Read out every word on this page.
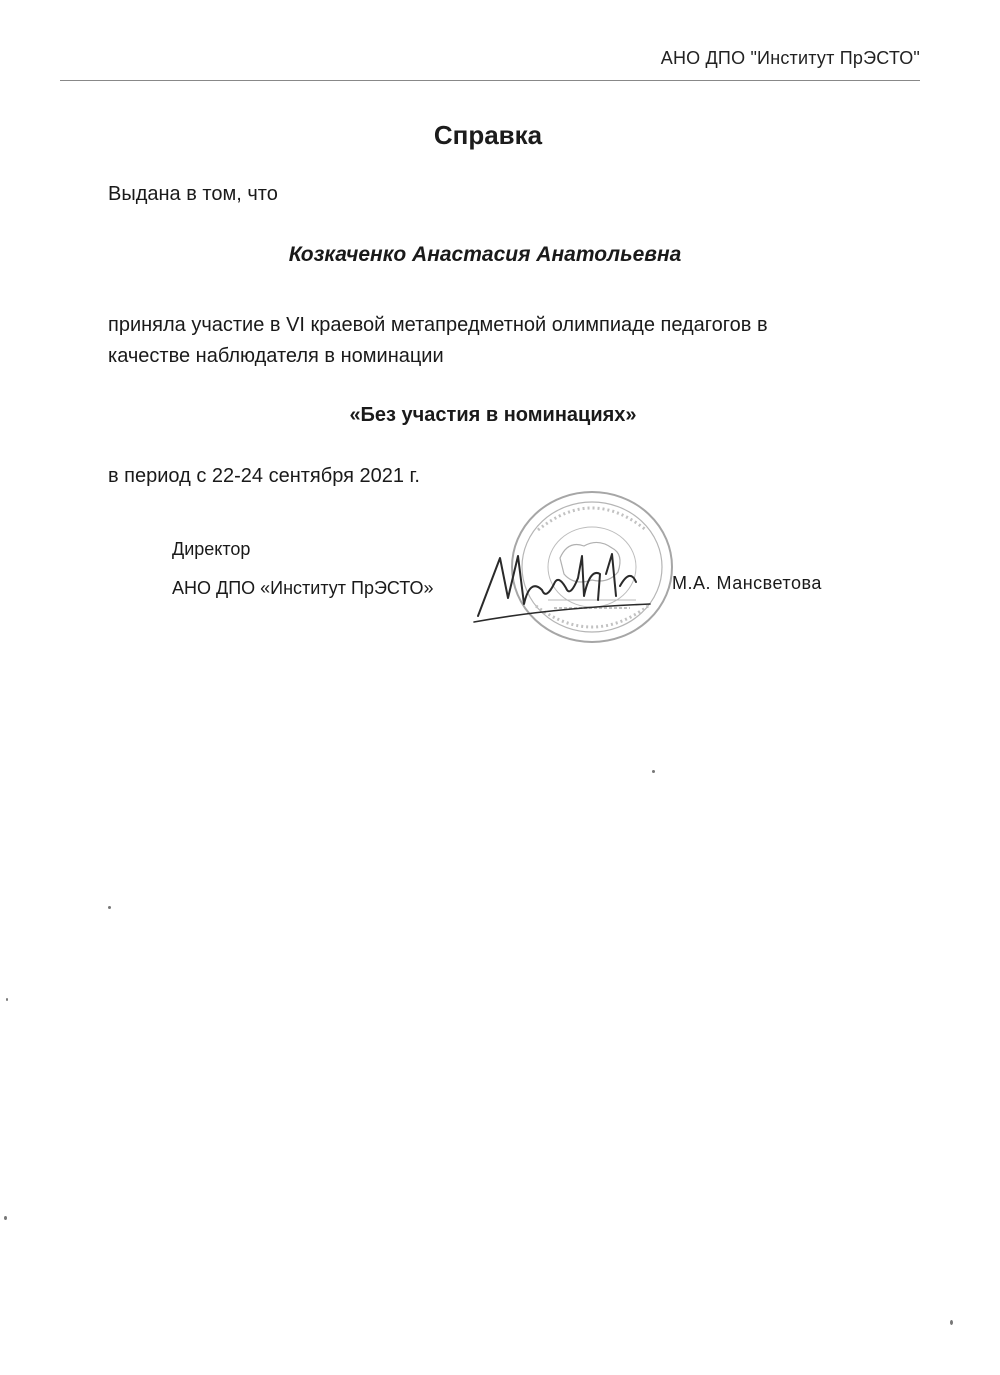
АНО ДПО "Институт ПрЭСТО"
Справка
Выдана в том, что
Козкаченко Анастасия Анатольевна
приняла участие в VI краевой метапредметной олимпиаде педагогов в
качестве наблюдателя в номинации
«Без участия в номинациях»
в период с 22-24 сентября 2021 г.
Директор
АНО ДПО «Институт ПрЭСТО»	М.А. Мансветова
